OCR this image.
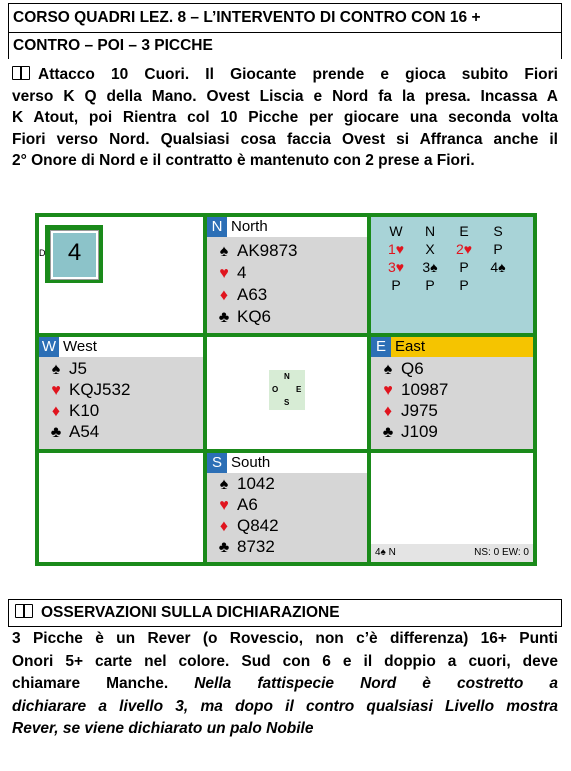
CORSO QUADRI LEZ. 8 – L’INTERVENTO DI CONTRO CON 16 +
CONTRO – POI – 3 PICCHE
Attacco 10 Cuori. Il Giocante prende e gioca subito Fiori
verso K Q della Mano. Ovest Liscia e Nord fa la presa. Incassa A
K Atout, poi Rientra col 10 Picche per giocare una seconda volta
Fiori verso Nord. Qualsiasi cosa faccia Ovest si Affranca anche il
2° Onore di Nord e il contratto è mantenuto con 2 prese a Fiori.
D 4
N North
♠ AK9873
♥ 4
♦ A63
♣ KQ6
W	N	E	S
1♥	X	2♥	P
3♥	3♠	P	4♠
P	P	P
W West
♠ J5
♥ KQJ532
♦ K10
♣ A54
N
O E
S
E East
♠ Q6
♥ 10987
♦ J975
♣ J109
S South
♠ 1042
♥ A6
♦ Q842
♣ 8732	4♠ N	NS: 0 EW: 0
OSSERVAZIONI SULLA DICHIARAZIONE
3 Picche è un Rever (o Rovescio, non c’è differenza) 16+ Punti
Onori 5+ carte nel colore. Sud con 6 e il doppio a cuori, deve
chiamare Manche. Nella fattispecie Nord è costretto a
dichiarare a livello 3, ma dopo il contro qualsiasi Livello mostra
Rever, se viene dichiarato un palo Nobile
